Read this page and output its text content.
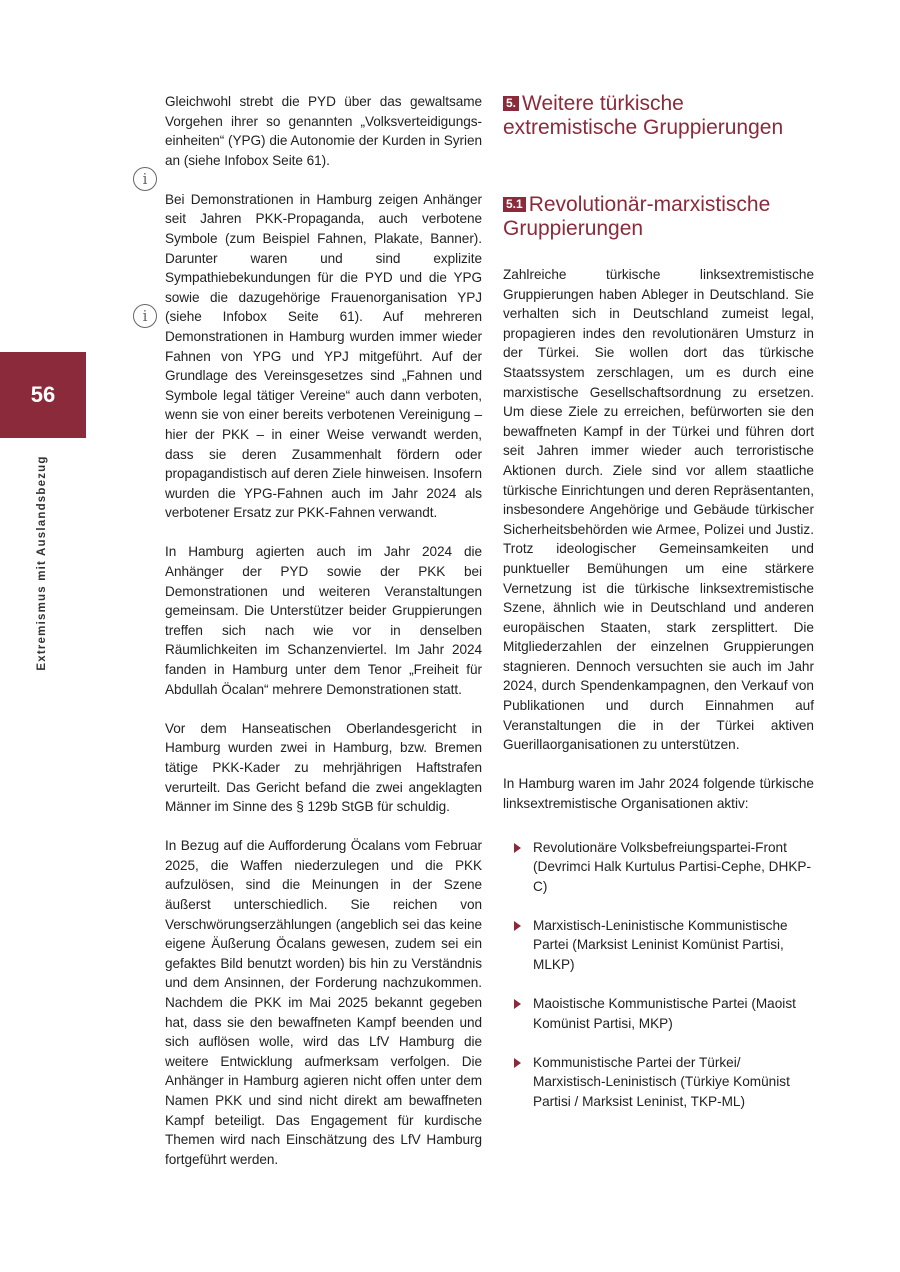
56
Extremismus mit Auslandsbezug
i
i

Gleichwohl strebt die PYD über das gewaltsame Vorgehen ihrer so genannten „Volksverteidigungseinheiten“ (YPG) die Autonomie der Kurden in Syrien an (siehe Infobox Seite 61).

Bei Demonstrationen in Hamburg zeigen Anhänger seit Jahren PKK-Propaganda, auch verbotene Symbole (zum Beispiel Fahnen, Plakate, Banner). Darunter waren und sind explizite Sympathiebekundungen für die PYD und die YPG sowie die dazugehörige Frauenorganisation YPJ (siehe Infobox Seite 61). Auf mehreren Demonstrationen in Hamburg wurden immer wieder Fahnen von YPG und YPJ mitgeführt. Auf der Grundlage des Vereinsgesetzes sind „Fahnen und Symbole legal tätiger Vereine“ auch dann verboten, wenn sie von einer bereits verbotenen Vereinigung – hier der PKK – in einer Weise verwandt werden, dass sie deren Zusammenhalt fördern oder propagandistisch auf deren Ziele hinweisen. Insofern wurden die YPG-Fahnen auch im Jahr 2024 als verbotener Ersatz zur PKK-Fahnen verwandt.

In Hamburg agierten auch im Jahr 2024 die Anhänger der PYD sowie der PKK bei Demonstrationen und weiteren Veranstaltungen gemeinsam. Die Unterstützer beider Gruppierungen treffen sich nach wie vor in denselben Räumlichkeiten im Schanzenviertel. Im Jahr 2024 fanden in Hamburg unter dem Tenor „Freiheit für Abdullah Öcalan“ mehrere Demonstrationen statt.

Vor dem Hanseatischen Oberlandesgericht in Hamburg wurden zwei in Hamburg, bzw. Bremen tätige PKK-Kader zu mehrjährigen Haftstrafen verurteilt. Das Gericht befand die zwei angeklagten Männer im Sinne des § 129b StGB für schuldig.

In Bezug auf die Aufforderung Öcalans vom Februar 2025, die Waffen niederzulegen und die PKK aufzulösen, sind die Meinungen in der Szene äußerst unterschiedlich. Sie reichen von Verschwörungserzählungen (angeblich sei das keine eigene Äußerung Öcalans gewesen, zudem sei ein gefaktes Bild benutzt worden) bis hin zu Verständnis und dem Ansinnen, der Forderung nachzukommen. Nachdem die PKK im Mai 2025 bekannt gegeben hat, dass sie den bewaffneten Kampf beenden und sich auflösen wolle, wird das LfV Hamburg die weitere Entwicklung aufmerksam verfolgen. Die Anhänger in Hamburg agieren nicht offen unter dem Namen PKK und sind nicht direkt am bewaffneten Kampf beteiligt. Das Engagement für kurdische Themen wird nach Einschätzung des LfV Hamburg fortgeführt werden.

5. Weitere türkische extremistische Gruppierungen
5.1 Revolutionär-marxistische Gruppierungen

Zahlreiche türkische linksextremistische Gruppierungen haben Ableger in Deutschland. Sie verhalten sich in Deutschland zumeist legal, propagieren indes den revolutionären Umsturz in der Türkei. Sie wollen dort das türkische Staatssystem zerschlagen, um es durch eine marxistische Gesellschaftsordnung zu ersetzen. Um diese Ziele zu erreichen, befürworten sie den bewaffneten Kampf in der Türkei und führen dort seit Jahren immer wieder auch terroristische Aktionen durch. Ziele sind vor allem staatliche türkische Einrichtungen und deren Repräsentanten, insbesondere Angehörige und Gebäude türkischer Sicherheitsbehörden wie Armee, Polizei und Justiz. Trotz ideologischer Gemeinsamkeiten und punktueller Bemühungen um eine stärkere Vernetzung ist die türkische linksextremistische Szene, ähnlich wie in Deutschland und anderen europäischen Staaten, stark zersplittert. Die Mitgliederzahlen der einzelnen Gruppierungen stagnieren. Dennoch versuchten sie auch im Jahr 2024, durch Spendenkampagnen, den Verkauf von Publikationen und durch Einnahmen auf Veranstaltungen die in der Türkei aktiven Guerillaorganisationen zu unterstützen.

In Hamburg waren im Jahr 2024 folgende türkische linksextremistische Organisationen aktiv:

Revolutionäre Volksbefreiungspartei-Front (Devrimci Halk Kurtulus Partisi-Cephe, DHKP-C)
Marxistisch-Leninistische Kommunistische Partei (Marksist Leninist Komünist Partisi, MLKP)
Maoistische Kommunistische Partei (Maoist Komünist Partisi, MKP)
Kommunistische Partei der Türkei/ Marxistisch-Leninistisch (Türkiye Komünist Partisi / Marksist Leninist, TKP-ML)
